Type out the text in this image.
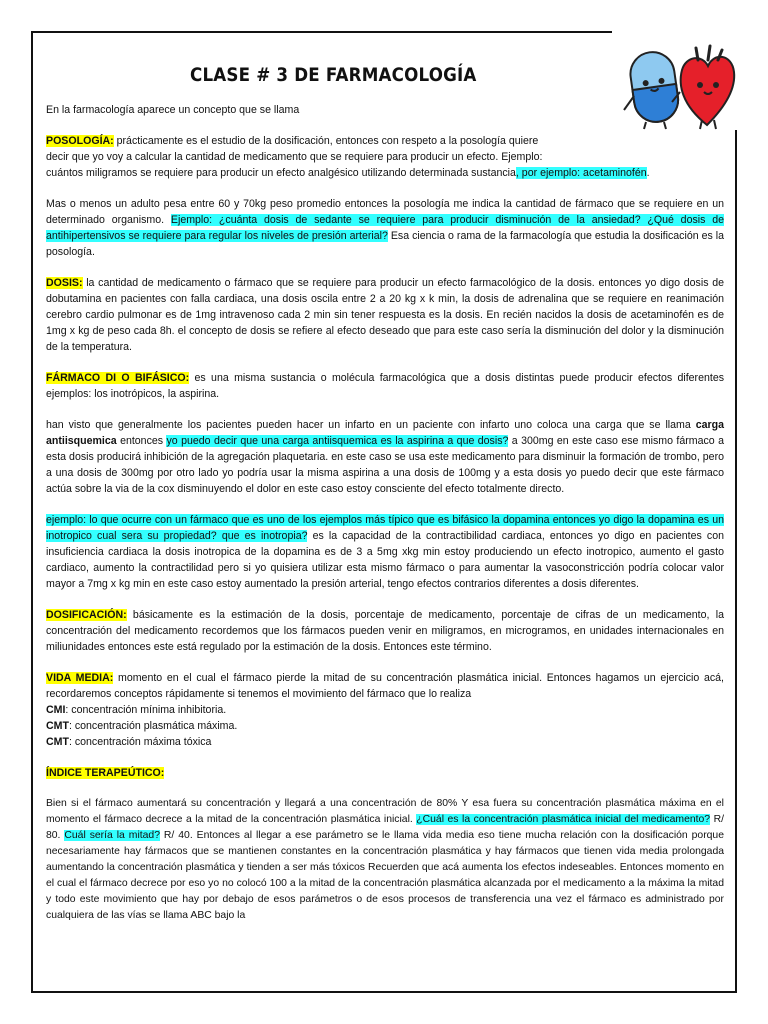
CLASE # 3 DE FARMACOLOGÍA

En la farmacología aparece un concepto que se llama

POSOLOGÍA: prácticamente es el estudio de la dosificación, entonces con respeto a la posología quiere
decir que yo voy a calcular la cantidad de medicamento que se requiere para producir un efecto. Ejemplo:
cuántos miligramos se requiere para producir un efecto analgésico utilizando determinada sustancia, por ejemplo: acetaminofén.

Mas o menos un adulto pesa entre 60 y 70kg peso promedio entonces la posología me indica la cantidad de fármaco que se requiere en un determinado organismo. Ejemplo: ¿cuánta dosis de sedante se requiere para producir disminución de la ansiedad? ¿Qué dosis de antihipertensivos se requiere para regular los niveles de presión arterial? Esa ciencia o rama de la farmacología que estudia la dosificación es la posología.

DOSIS: la cantidad de medicamento o fármaco que se requiere para producir un efecto farmacológico de la dosis. entonces yo digo dosis de dobutamina en pacientes con falla cardiaca, una dosis oscila entre 2 a 20 kg x k min, la dosis de adrenalina que se requiere en reanimación cerebro cardio pulmonar es de 1mg intravenoso cada 2 min sin tener respuesta es la dosis. En recién nacidos la dosis de acetaminofén es de 1mg x kg de peso cada 8h. el concepto de dosis se refiere al efecto deseado que para este caso sería la disminución del dolor y la disminución de la temperatura.

FÁRMACO DI O BIFÁSICO: es una misma sustancia o molécula farmacológica que a dosis distintas puede producir efectos diferentes ejemplos: los inotrópicos, la aspirina.

han visto que generalmente los pacientes pueden hacer un infarto en un paciente con infarto uno coloca una carga que se llama carga antiisquemica entonces yo puedo decir que una carga antiisquemica es la aspirina a que dosis? a 300mg en este caso ese mismo fármaco a esta dosis producirá inhibición de la agregación plaquetaria. en este caso se usa este medicamento para disminuir la formación de trombo, pero a una dosis de 300mg por otro lado yo podría usar la misma aspirina a una dosis de 100mg y a esta dosis yo puedo decir que este fármaco actúa sobre la via de la cox disminuyendo el dolor en este caso estoy consciente del efecto totalmente directo.

ejemplo: lo que ocurre con un fármaco que es uno de los ejemplos más típico que es bifásico la dopamina entonces yo digo la dopamina es un inotropico cual sera su propiedad? que es inotropia? es la capacidad de la contractibilidad cardiaca, entonces yo digo en pacientes con insuficiencia cardiaca la dosis inotropica de la dopamina es de 3 a 5mg xkg min estoy produciendo un efecto inotropico, aumento el gasto cardiaco, aumento la contractilidad pero si yo quisiera utilizar esta mismo fármaco o para aumentar la vasoconstricción podría colocar valor mayor a 7mg x kg min en este caso estoy aumentado la presión arterial, tengo efectos contrarios diferentes a dosis diferentes.

DOSIFICACIÓN: básicamente es la estimación de la dosis, porcentaje de medicamento, porcentaje de cifras de un medicamento, la concentración del medicamento recordemos que los fármacos pueden venir en miligramos, en microgramos, en unidades internacionales en miliunidades entonces este está regulado por la estimación de la dosis. Entonces este término.

VIDA MEDIA: momento en el cual el fármaco pierde la mitad de su concentración plasmática inicial. Entonces hagamos un ejercicio acá, recordaremos conceptos rápidamente si tenemos el movimiento del fármaco que lo realiza
CMI: concentración mínima inhibitoria.
CMT: concentración plasmática máxima.
CMT: concentración máxima tóxica

ÍNDICE TERAPEÚTICO:

Bien si el fármaco aumentará su concentración y llegará a una concentración de 80% Y esa fuera su concentración plasmática máxima en el momento el fármaco decrece a la mitad de la concentración plasmática inicial. ¿Cuál es la concentración plasmática inicial del medicamento? R/ 80. Cuál sería la mitad? R/ 40. Entonces al llegar a ese parámetro se le llama vida media eso tiene mucha relación con la dosificación porque necesariamente hay fármacos que se mantienen constantes en la concentración plasmática y hay fármacos que tienen vida media prolongada aumentando la concentración plasmática y tienden a ser más tóxicos Recuerden que acá aumenta los efectos indeseables. Entonces momento en el cual el fármaco decrece por eso yo no colocó 100 a la mitad de la concentración plasmática alcanzada por el medicamento a la máxima la mitad y todo este movimiento que hay por debajo de esos parámetros o de esos procesos de transferencia una vez el fármaco es administrado por cualquiera de las vías se llama ABC bajo la
